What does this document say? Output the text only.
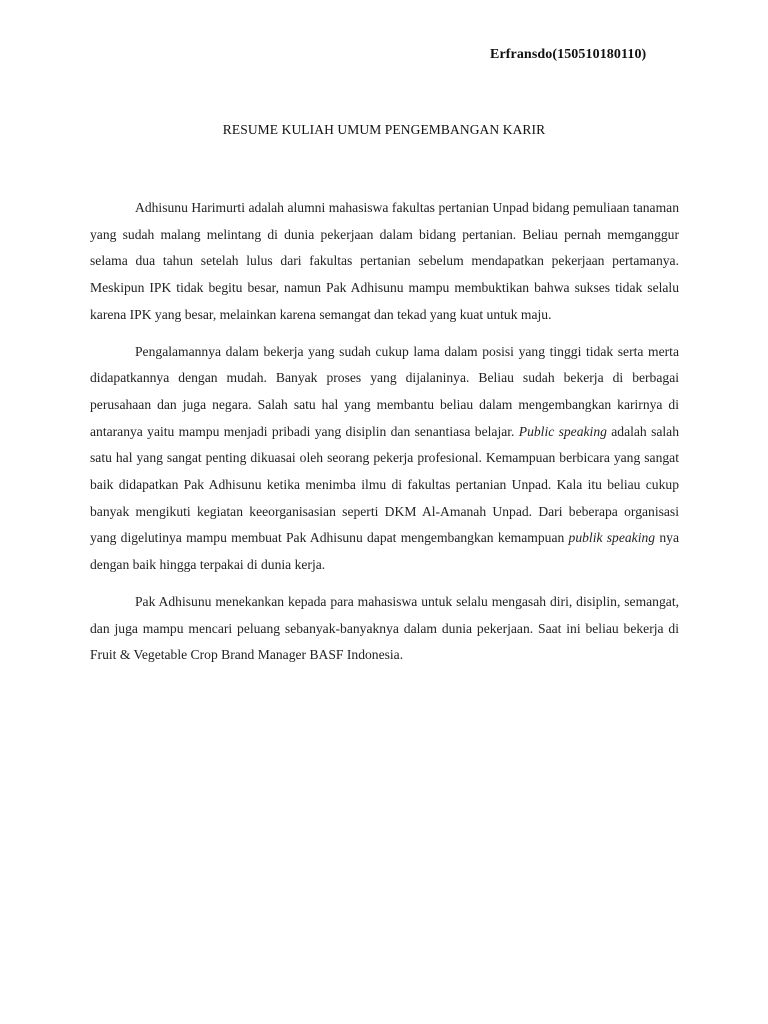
Erfransdo(150510180110)
RESUME KULIAH UMUM PENGEMBANGAN KARIR

Adhisunu Harimurti adalah alumni mahasiswa fakultas pertanian Unpad bidang pemuliaan tanaman yang sudah malang melintang di dunia pekerjaan dalam bidang pertanian. Beliau pernah memganggur selama dua tahun setelah lulus dari fakultas pertanian sebelum mendapatkan pekerjaan pertamanya. Meskipun IPK tidak begitu besar, namun Pak Adhisunu mampu membuktikan bahwa sukses tidak selalu karena IPK yang besar, melainkan karena semangat dan tekad yang kuat untuk maju.

Pengalamannya dalam bekerja yang sudah cukup lama dalam posisi yang tinggi tidak serta merta didapatkannya dengan mudah. Banyak proses yang dijalaninya. Beliau sudah bekerja di berbagai perusahaan dan juga negara. Salah satu hal yang membantu beliau dalam mengembangkan karirnya di antaranya yaitu mampu menjadi pribadi yang disiplin dan senantiasa belajar. Public speaking adalah salah satu hal yang sangat penting dikuasai oleh seorang pekerja profesional. Kemampuan berbicara yang sangat baik didapatkan Pak Adhisunu ketika menimba ilmu di fakultas pertanian Unpad. Kala itu beliau cukup banyak mengikuti kegiatan keeorganisasian seperti DKM Al-Amanah Unpad. Dari beberapa organisasi yang digelutinya mampu membuat Pak Adhisunu dapat mengembangkan kemampuan publik speaking nya dengan baik hingga terpakai di dunia kerja.

Pak Adhisunu menekankan kepada para mahasiswa untuk selalu mengasah diri, disiplin, semangat, dan juga mampu mencari peluang sebanyak-banyaknya dalam dunia pekerjaan. Saat ini beliau bekerja di Fruit & Vegetable Crop Brand Manager BASF Indonesia.
